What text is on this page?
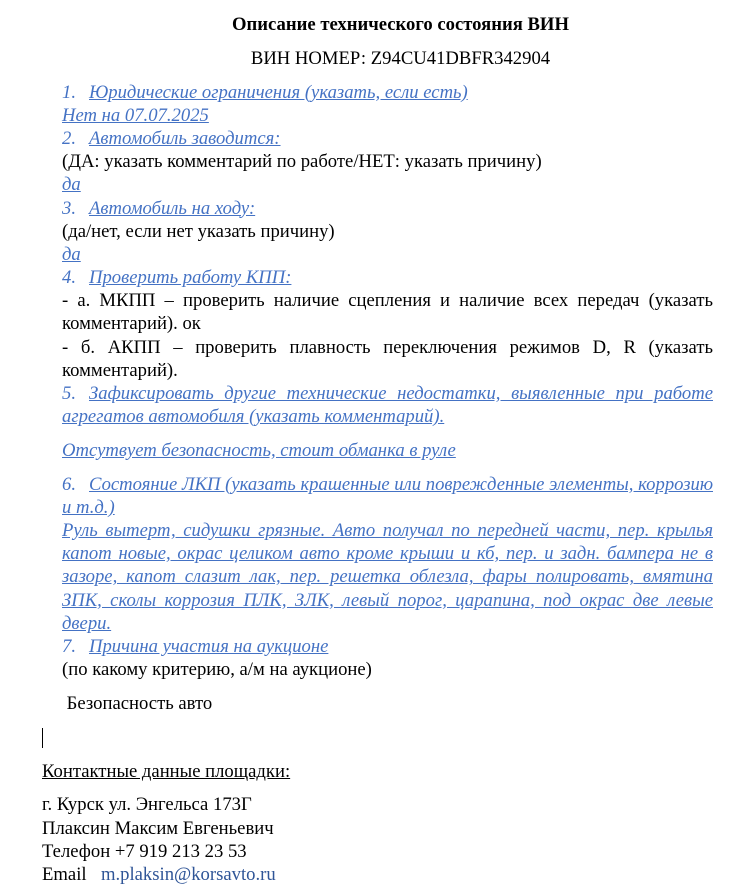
Описание технического состояния ВИН

ВИН НОМЕР: Z94CU41DBFR342904

1. Юридические ограничения (указать, если есть)

Нет на 07.07.2025

2. Автомобиль заводится:

(ДА: указать комментарий по работе/НЕТ: указать причину)

да

3. Автомобиль на ходу:

(да/нет, если нет указать причину)

да

4. Проверить работу КПП:

- а. МКПП – проверить наличие сцепления и наличие всех передач (указать комментарий). ок

- б. АКПП – проверить плавность переключения режимов D, R (указать комментарий).

5. Зафиксировать другие технические недостатки, выявленные при работе агрегатов автомобиля (указать комментарий).

Отсутвует безопасность, стоит обманка в руле

6. Состояние ЛКП (указать крашенные или поврежденные элементы, коррозию и т.д.)

Руль вытерт, сидушки грязные. Авто получал по передней части, пер. крылья капот новые, окрас целиком авто кроме крыши и кб, пер. и задн. бампера не в зазоре, капот слазит лак, пер. решетка облезла, фары полировать, вмятина ЗПК, сколы коррозия ПЛК, ЗЛК, левый порог, царапина, под окрас две левые двери.

7. Причина участия на аукционе

(по какому критерию, а/м на аукционе)

Безопасность авто

Контактные данные площадки:

г. Курск ул. Энгельса 173Г

Плаксин Максим Евгеньевич

Телефон +7 919 213 23 53

Email m.plaksin@korsavto.ru
